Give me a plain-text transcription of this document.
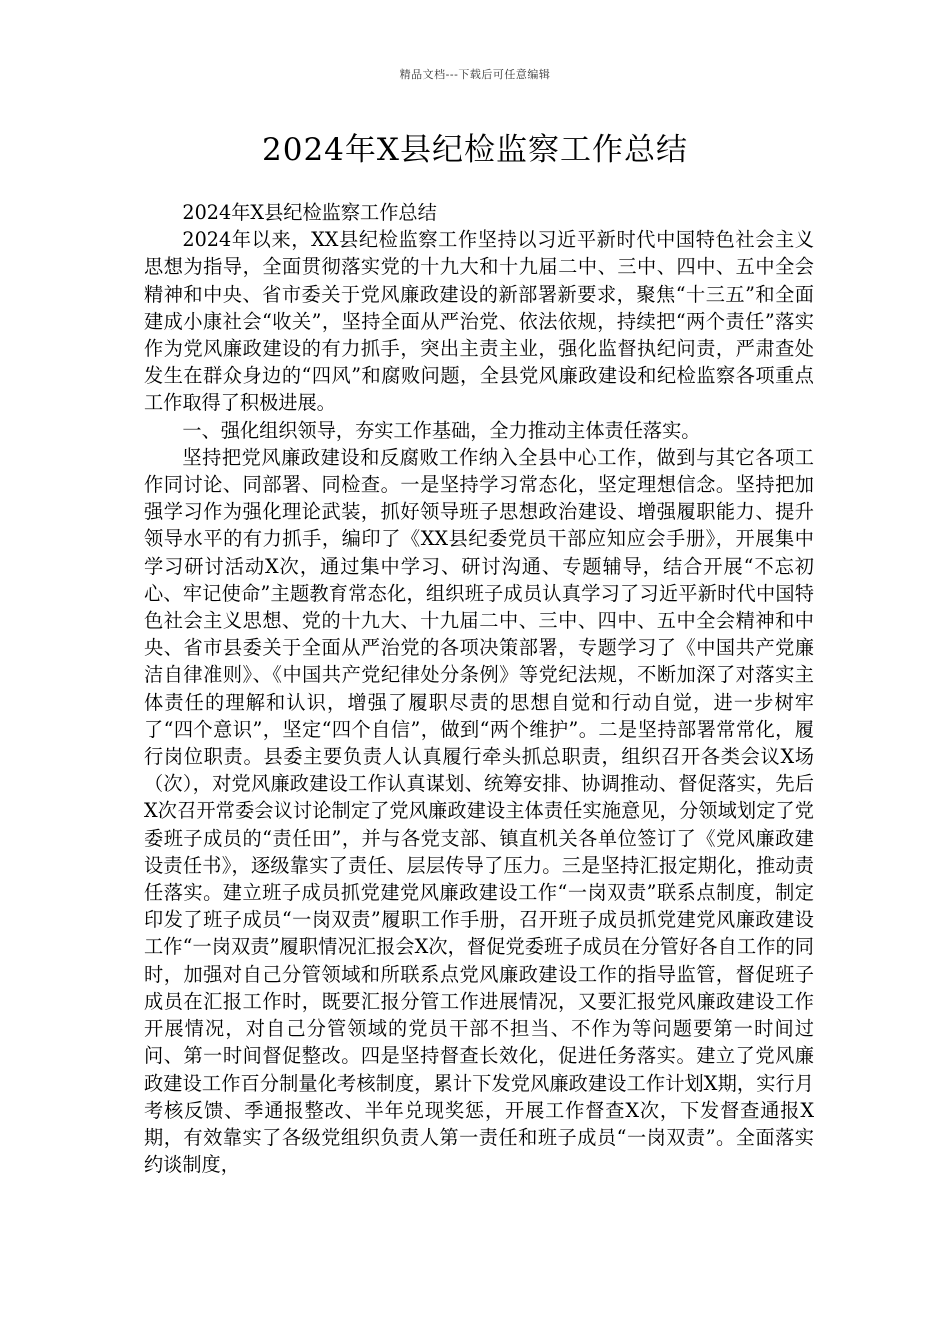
精品文档---下载后可任意编辑
2024年X县纪检监察工作总结

2024年X县纪检监察工作总结

2024年以来，XX县纪检监察工作坚持以习近平新时代中国特色社会主义思想为指导，全面贯彻落实党的十九大和十九届二中、三中、四中、五中全会精神和中央、省市委关于党风廉政建设的新部署新要求，聚焦“十三五”和全面建成小康社会“收关”，坚持全面从严治党、依法依规，持续把“两个责任”落实作为党风廉政建设的有力抓手，突出主责主业，强化监督执纪问责，严肃查处发生在群众身边的“四风”和腐败问题，全县党风廉政建设和纪检监察各项重点工作取得了积极进展。

一、强化组织领导，夯实工作基础，全力推动主体责任落实。

坚持把党风廉政建设和反腐败工作纳入全县中心工作，做到与其它各项工作同讨论、同部署、同检查。一是坚持学习常态化，坚定理想信念。坚持把加强学习作为强化理论武装，抓好领导班子思想政治建设、增强履职能力、提升领导水平的有力抓手，编印了《XX县纪委党员干部应知应会手册》，开展集中学习研讨活动X次，通过集中学习、研讨沟通、专题辅导，结合开展“不忘初心、牢记使命”主题教育常态化，组织班子成员认真学习了习近平新时代中国特色社会主义思想、党的十九大、十九届二中、三中、四中、五中全会精神和中央、省市县委关于全面从严治党的各项决策部署，专题学习了《中国共产党廉洁自律准则》、《中国共产党纪律处分条例》等党纪法规，不断加深了对落实主体责任的理解和认识，增强了履职尽责的思想自觉和行动自觉，进一步树牢了“四个意识”，坚定“四个自信”，做到“两个维护”。二是坚持部署常常化，履行岗位职责。县委主要负责人认真履行牵头抓总职责，组织召开各类会议X场（次），对党风廉政建设工作认真谋划、统筹安排、协调推动、督促落实，先后X次召开常委会议讨论制定了党风廉政建设主体责任实施意见，分领域划定了党委班子成员的“责任田”，并与各党支部、镇直机关各单位签订了《党风廉政建设责任书》，逐级靠实了责任、层层传导了压力。三是坚持汇报定期化，推动责任落实。建立班子成员抓党建党风廉政建设工作“一岗双责”联系点制度，制定印发了班子成员“一岗双责”履职工作手册，召开班子成员抓党建党风廉政建设工作“一岗双责”履职情况汇报会X次，督促党委班子成员在分管好各自工作的同时，加强对自己分管领域和所联系点党风廉政建设工作的指导监管，督促班子成员在汇报工作时，既要汇报分管工作进展情况，又要汇报党风廉政建设工作开展情况，对自己分管领域的党员干部不担当、不作为等问题要第一时间过问、第一时间督促整改。四是坚持督查长效化，促进任务落实。建立了党风廉政建设工作百分制量化考核制度，累计下发党风廉政建设工作计划X期，实行月考核反馈、季通报整改、半年兑现奖惩，开展工作督查X次，下发督查通报X期，有效靠实了各级党组织负责人第一责任和班子成员“一岗双责”。全面落实约谈制度，
